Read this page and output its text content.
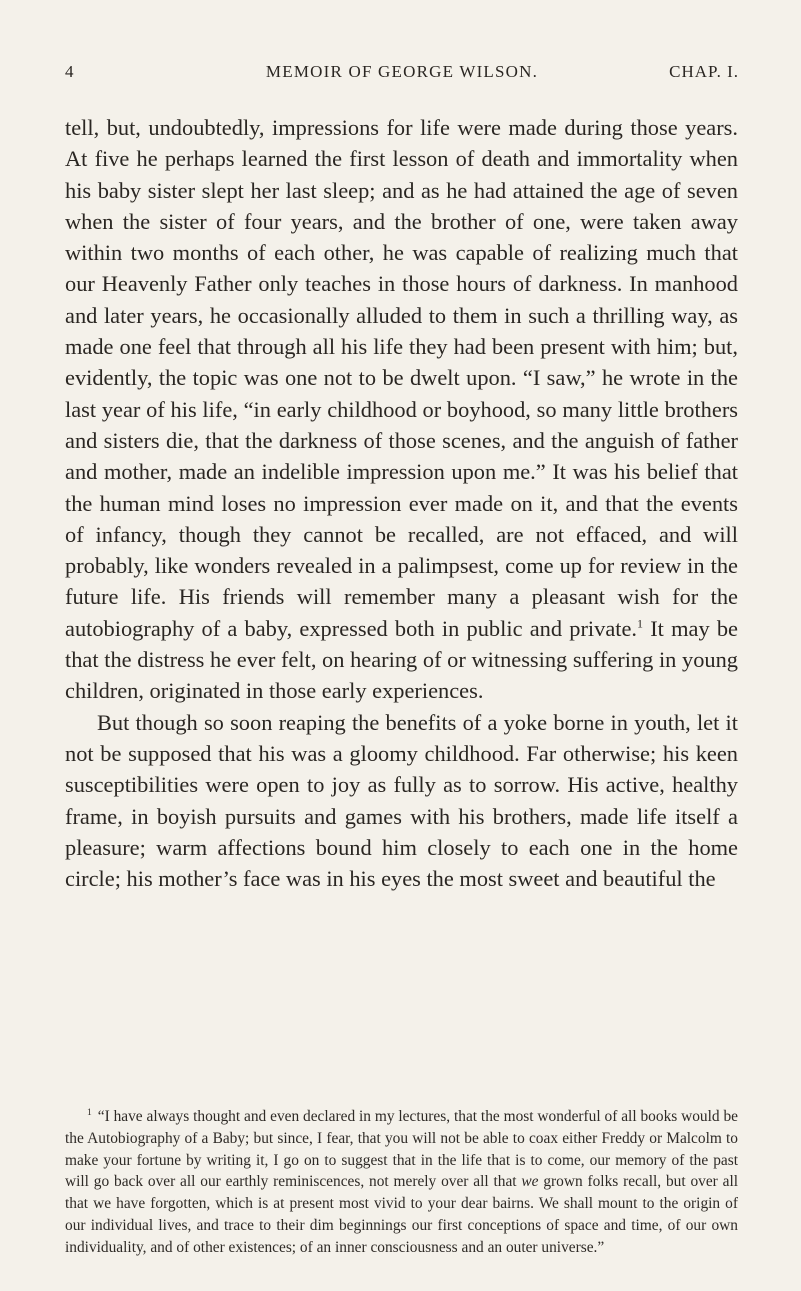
4	MEMOIR OF GEORGE WILSON.	CHAP. I.

tell, but, undoubtedly, impressions for life were made during those years. At five he perhaps learned the first lesson of death and immortality when his baby sister slept her last sleep; and as he had attained the age of seven when the sister of four years, and the brother of one, were taken away within two months of each other, he was capable of realizing much that our Heavenly Father only teaches in those hours of darkness. In manhood and later years, he occasionally alluded to them in such a thrilling way, as made one feel that through all his life they had been present with him; but, evidently, the topic was one not to be dwelt upon. “I saw,” he wrote in the last year of his life, “in early childhood or boyhood, so many little brothers and sisters die, that the darkness of those scenes, and the anguish of father and mother, made an indelible impression upon me.” It was his belief that the human mind loses no impression ever made on it, and that the events of infancy, though they cannot be recalled, are not effaced, and will probably, like wonders revealed in a palimpsest, come up for review in the future life. His friends will remember many a pleasant wish for the autobiography of a baby, expressed both in public and private.$^1$ It may be that the distress he ever felt, on hearing of or witnessing suffering in young children, originated in those early experiences.

But though so soon reaping the benefits of a yoke borne in youth, let it not be supposed that his was a gloomy childhood. Far otherwise; his keen susceptibilities were open to joy as fully as to sorrow. His active, healthy frame, in boyish pursuits and games with his brothers, made life itself a pleasure; warm affections bound him closely to each one in the home circle; his mother’s face was in his eyes the most sweet and beautiful the

$^1$ “I have always thought and even declared in my lectures, that the most wonderful of all books would be the Autobiography of a Baby; but since, I fear, that you will not be able to coax either Freddy or Malcolm to make your fortune by writing it, I go on to suggest that in the life that is to come, our memory of the past will go back over all our earthly reminiscences, not merely over all that we grown folks recall, but over all that we have forgotten, which is at present most vivid to your dear bairns. We shall mount to the origin of our individual lives, and trace to their dim beginnings our first conceptions of space and time, of our own individuality, and of other existences; of an inner consciousness and an outer universe.”
